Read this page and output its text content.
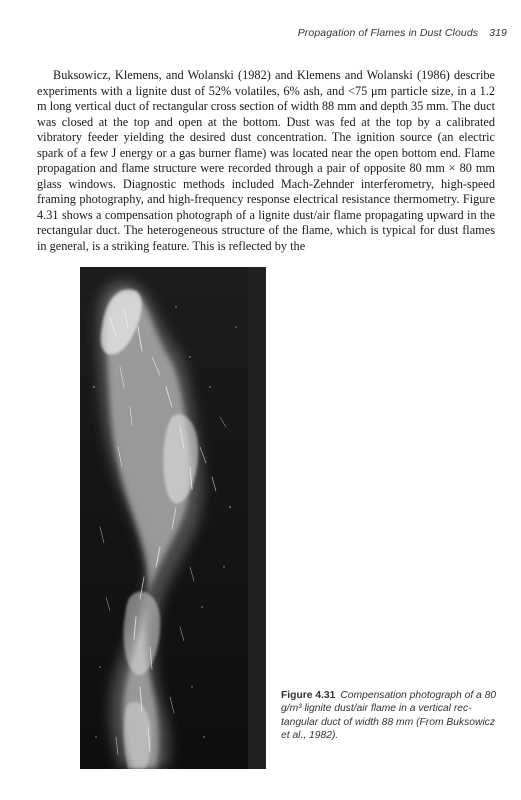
Propagation of Flames in Dust Clouds 319

Buksowicz, Klemens, and Wolanski (1982) and Klemens and Wolanski (1986) describe experiments with a lignite dust of 52% volatiles, 6% ash, and <75 μm particle size, in a 1.2 m long vertical duct of rectangular cross section of width 88 mm and depth 35 mm. The duct was closed at the top and open at the bottom. Dust was fed at the top by a calibrated vibratory feeder yielding the desired dust concentration. The ignition source (an electric spark of a few J energy or a gas burner flame) was located near the open bottom end. Flame propagation and flame structure were recorded through a pair of opposite 80 mm × 80 mm glass windows. Diagnostic methods included Mach-Zehnder interferometry, high-speed framing photography, and high-frequency response electrical resistance thermometry. Figure 4.31 shows a compensation photograph of a lignite dust/air flame propagating upward in the rectangular duct. The heterogeneous structure of the flame, which is typical for dust flames in general, is a striking feature. This is reflected by the

Figure 4.31 Compensation photograph of a 80 g/m³ lignite dust/air flame in a vertical rectangular duct of width 88 mm (From Buksowicz et al., 1982).
